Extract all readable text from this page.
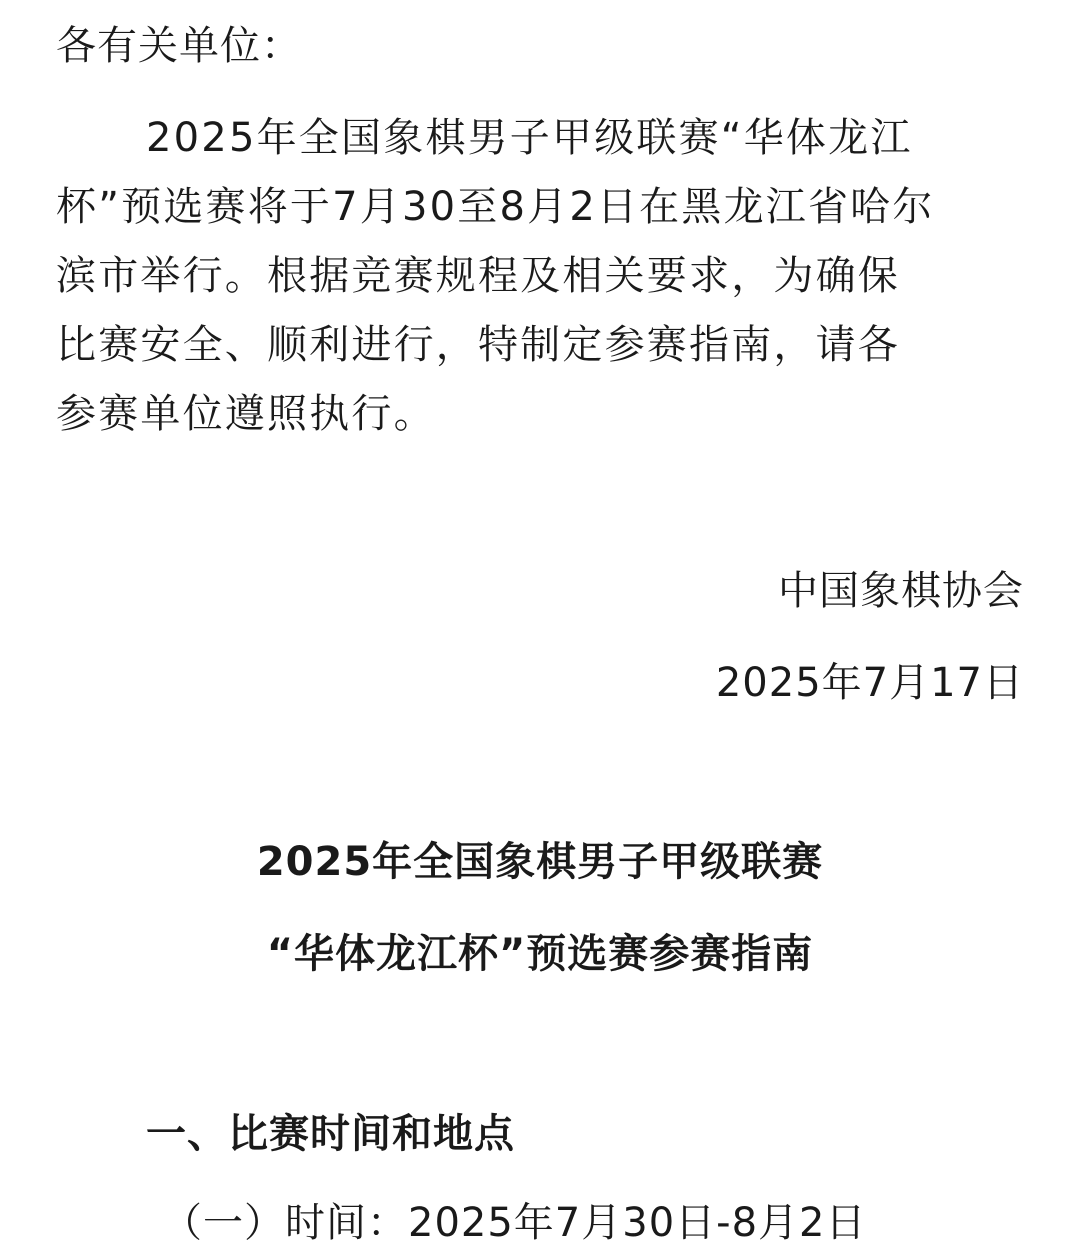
各有关单位：
2025年全国象棋男子甲级联赛“华体龙江
杯”预选赛将于7月30至8月2日在黑龙江省哈尔
滨市举行。根据竞赛规程及相关要求，为确保
比赛安全、顺利进行，特制定参赛指南，请各
参赛单位遵照执行。
中国象棋协会
2025年7月17日
2025年全国象棋男子甲级联赛
“华体龙江杯”预选赛参赛指南
一、比赛时间和地点
（一）时间：2025年7月30日-8月2日
